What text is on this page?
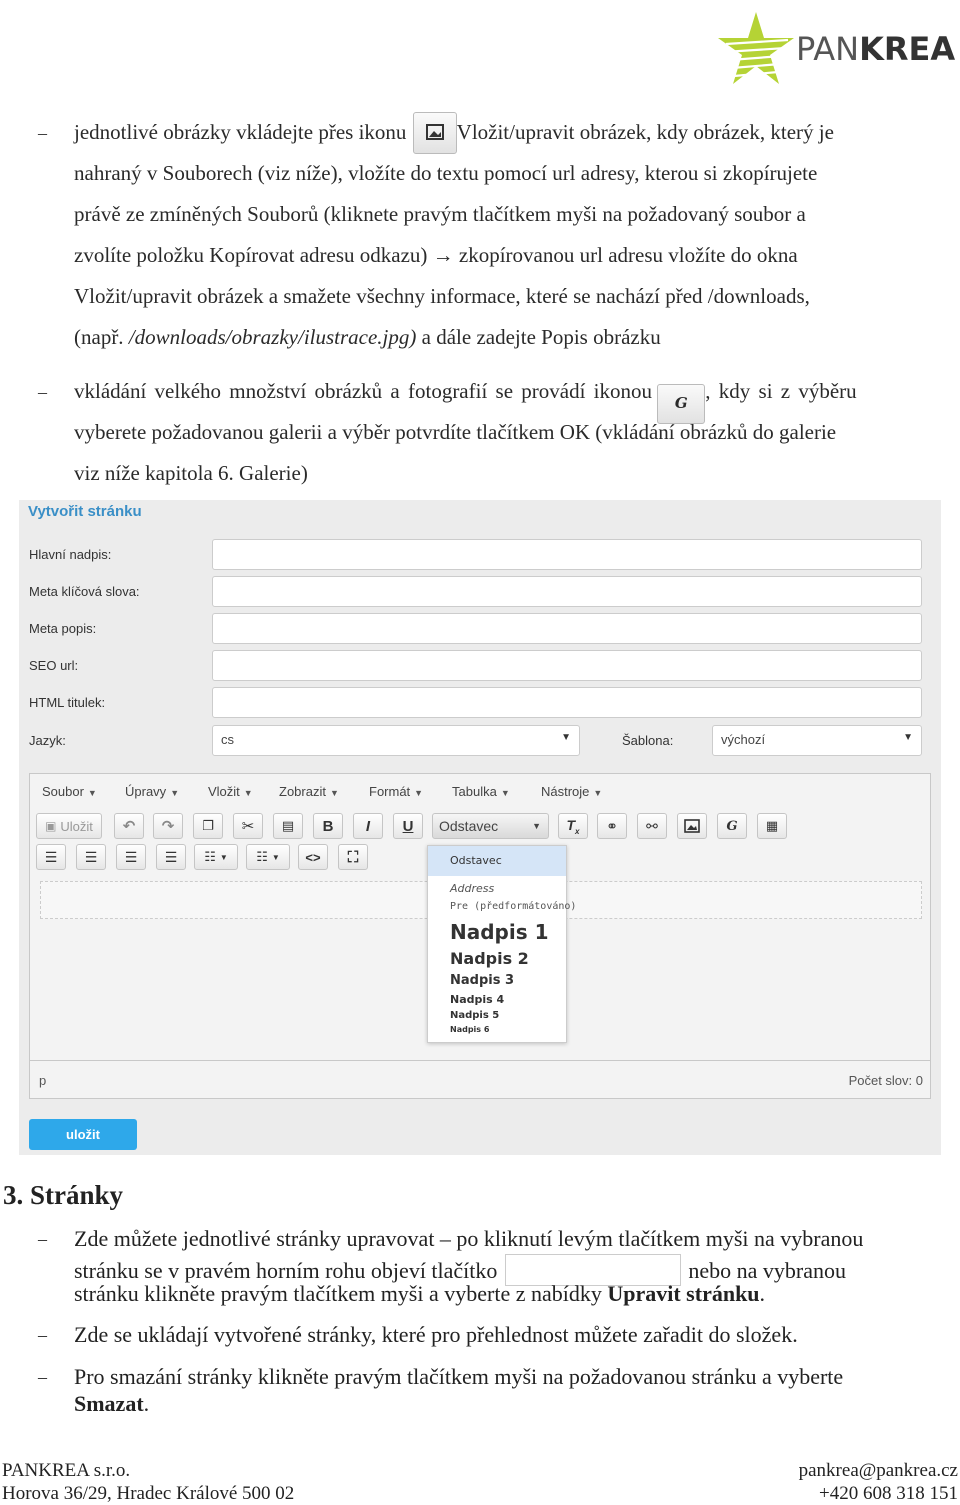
PANKREA
– jednotlivé obrázky vkládejte přes ikonu Vložit/upravit obrázek, kdy obrázek, který je
nahraný v Souborech (viz níže), vložíte do textu pomocí url adresy, kterou si zkopírujete
právě ze zmíněných Souborů (kliknete pravým tlačítkem myši na požadovaný soubor a
zvolíte položku Kopírovat adresu odkazu) → zkopírovanou url adresu vložíte do okna
Vložit/upravit obrázek a smažete všechny informace, které se nachází před /downloads,
(např. /downloads/obrazky/ilustrace.jpg) a dále zadejte Popis obrázku
– vkládání velkého množství obrázků a fotografií se provádí ikonou G , kdy si z výběru
vyberete požadovanou galerii a výběr potvrdíte tlačítkem OK (vkládání obrázků do galerie
viz níže kapitola 6. Galerie)
Vytvořit stránku
Hlavní nadpis:
Meta klíčová slova:
Meta popis:
SEO url:
HTML titulek:
Jazyk:	cs	▼	Šablona:	výchozí	▼
Soubor ▼ Úpravy ▼ Vložit ▼ Zobrazit ▼ Formát ▼ Tabulka ▼ Nástroje ▼
▣ Uložit ↶ ↷ ❐ ✂ ▤ B I U Odstavec	▼ $T_x$ ⚭ ⚯	G ▦
☰ ☰ ☰ ☰ ☷ ▼ ☷ ▼ <> ⛶
p	Počet slov: 0
Odstavec
Address
Pre (předformátováno)
Nadpis 1
Nadpis 2
Nadpis 3
Nadpis 4
Nadpis 5
Nadpis 6
uložit
3. Stránky
– Zde můžete jednotlivé stránky upravovat – po kliknutí levým tlačítkem myši na vybranou
stránku se v pravém horním rohu objeví tlačítko	nebo na vybranou
stránku klikněte pravým tlačítkem myši a vyberte z nabídky Upravit stránku.
– Zde se ukládají vytvořené stránky, které pro přehlednost můžete zařadit do složek.
– Pro smazání stránky klikněte pravým tlačítkem myši na požadovanou stránku a vyberte
Smazat.
PANKREA s.r.o.
Horova 36/29, Hradec Králové 500 02
pankrea@pankrea.cz
+420 608 318 151
